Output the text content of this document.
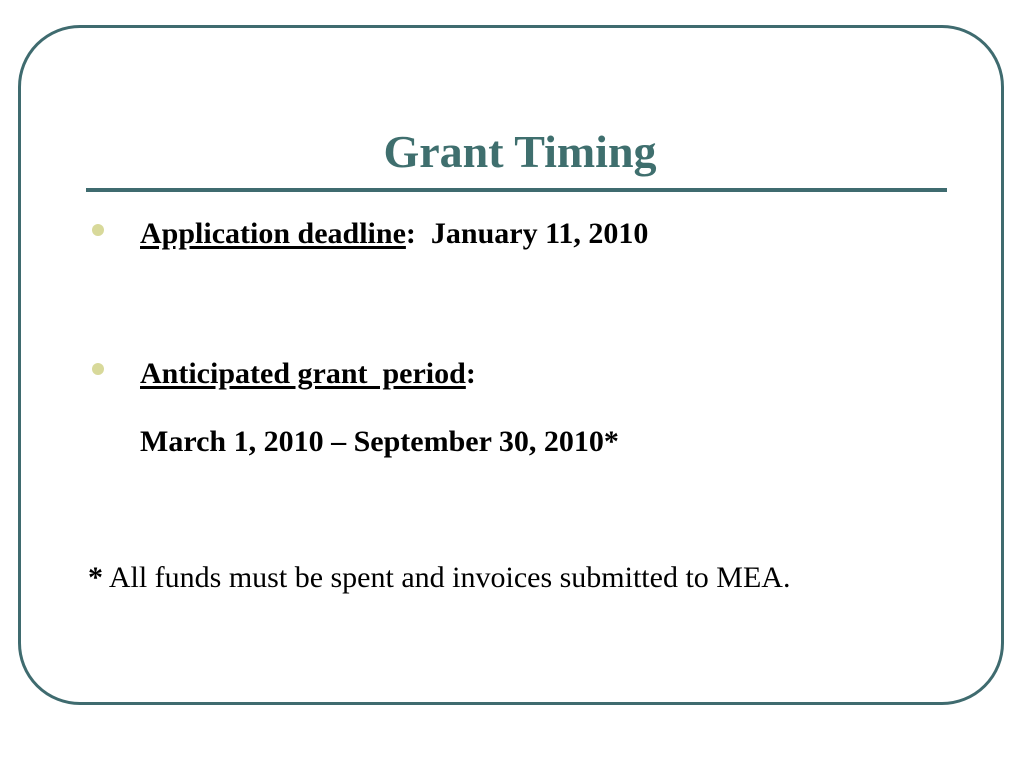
Grant Timing
Application deadline:  January 11, 2010
Anticipated grant  period:
March 1, 2010 – September 30, 2010*
* All funds must be spent and invoices submitted to MEA.
